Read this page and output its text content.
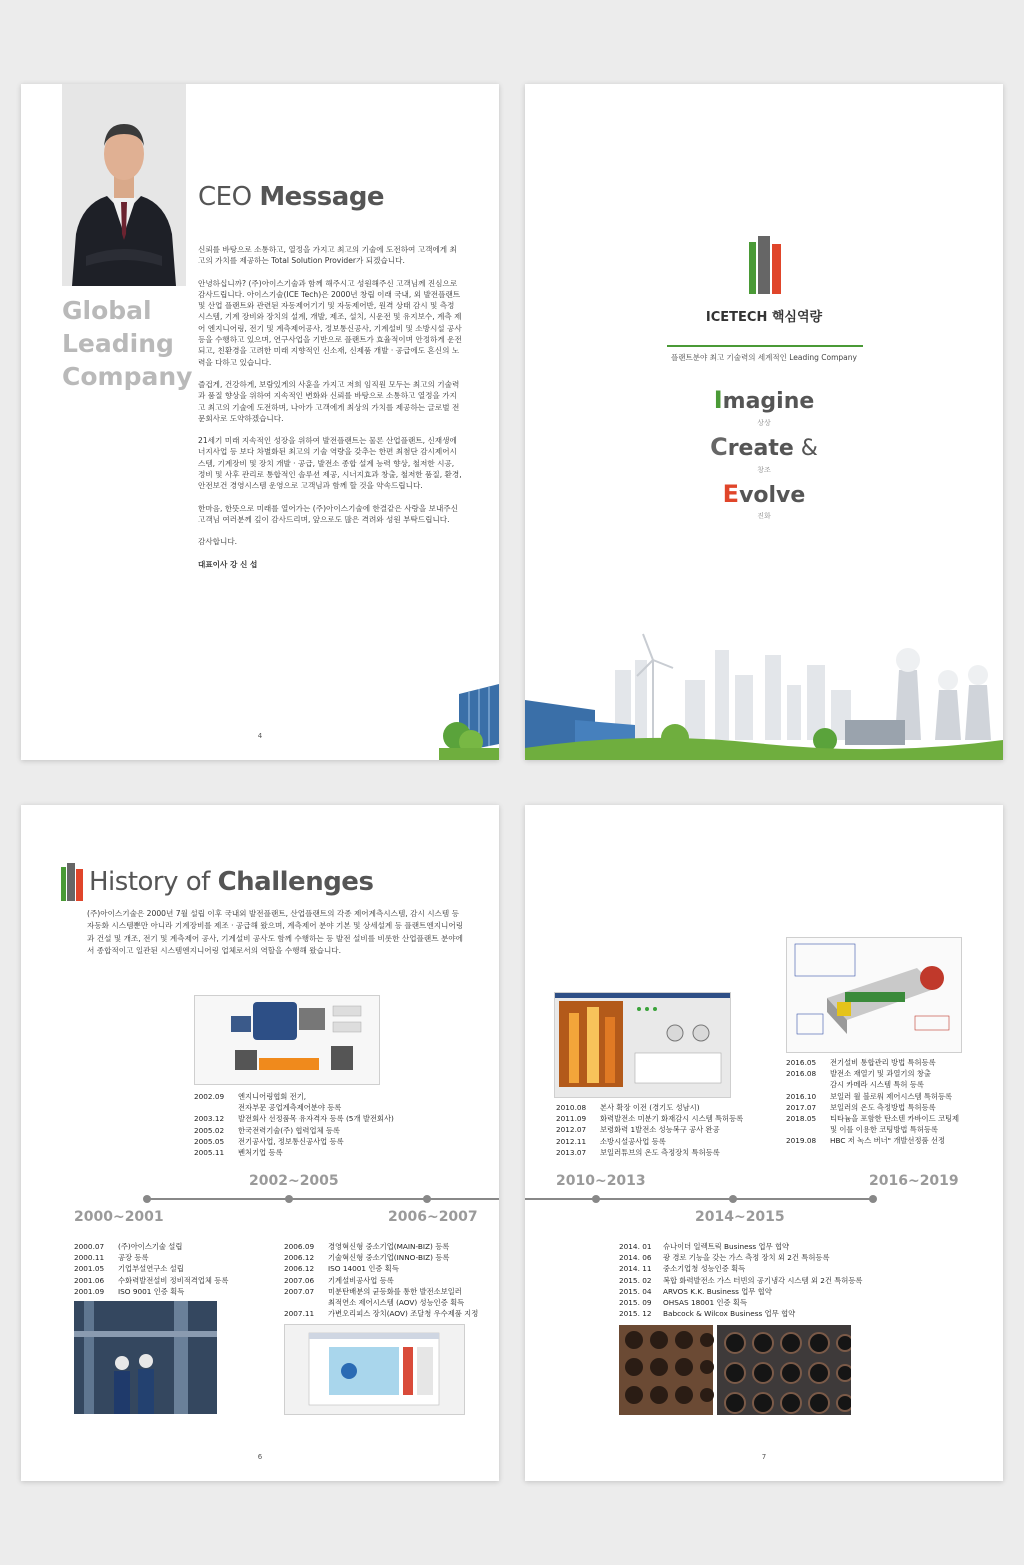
CEO Message
Global
Leading
Company

신뢰를 바탕으로 소통하고, 열정을 가지고 최고의 기술에 도전하여 고객에게 최고의 가치를 제공하는 Total Solution Provider가 되겠습니다.

안녕하십니까? (주)아이스기술과 함께 해주시고 성원해주신 고객님께 진심으로 감사드립니다. 아이스기술(ICE Tech)은 2000년 창립 이래 국내, 외 발전플랜트 및 산업 플랜트와 관련된 자동제어기기 및 자동제어반, 원격 상태 감시 및 측정 시스템, 기계 장비와 장치의 설계, 개발, 제조, 설치, 시운전 및 유지보수, 계측 제어 엔지니어링, 전기 및 계측제어공사, 정보통신공사, 기계설비 및 소방시설 공사 등을 수행하고 있으며, 연구사업을 기반으로 플랜트가 효율적이며 안정하게 운전되고, 친환경을 고려한 미래 지향적인 신소재, 신제품 개발 · 공급에도 혼신의 노력을 다하고 있습니다.

즐겁게, 건강하게, 보람있게의 사훈을 가지고 저희 임직원 모두는 최고의 기술력과 품질 향상을 위하여 지속적인 변화와 신뢰를 바탕으로 소통하고 열정을 가지고 최고의 기술에 도전하며, 나아가 고객에게 최상의 가치를 제공하는 글로벌 전문회사로 도약하겠습니다.

21세기 미래 지속적인 성장을 위하여 발전플랜트는 물론 산업플랜트, 신재생에너지사업 등 보다 차별화된 최고의 기술 역량을 갖추는 한편 최첨단 감시제어시스템, 기계장비 및 장치 개발 · 공급, 발전소 종합 설계 능력 향상, 철저한 시공, 정비 및 사후 관리로 통합적인 솔루션 제공, 시너지효과 창출, 철저한 품질, 환경, 안전보건 경영시스템 운영으로 고객님과 함께 할 것을 약속드립니다.

한마음, 한뜻으로 미래를 열어가는 (주)아이스기술에 한결같은 사랑을 보내주신 고객님 여러분께 깊이 감사드리며, 앞으로도 많은 격려와 성원 부탁드립니다.

감사합니다.

대표이사 강 신 섭

4
ICETECH 핵심역량
플랜트분야 최고 기술력의 세계적인 Leading Company
Imagine
상상
Create &
창조
Evolve
진화
History of Challenges
(주)아이스기술은 2000년 7월 설립 이후 국내외 발전플랜트, 산업플랜트의 각종 제어계측시스템, 감시 시스템 등 자동화 시스템뿐만 아니라 기계장비를 제조 · 공급해 왔으며, 계측제어 분야 기본 및 상세설계 등 플랜트엔지니어링과 건설 및 개조, 전기 및 계측제어 공사, 기계설비 공사도 함께 수행하는 등 발전 설비를 비롯한 산업플랜트 분야에서 종합적이고 일관된 시스템엔지니어링 업체로서의 역할을 수행해 왔습니다.
2002.09	엔지니어링협회 전기,
전자부문 공업계측제어분야 등록
2003.12	발전회사 선정품목 유자격자 등록 (5개 발전회사)
2005.02	한국전력기술(주) 협력업체 등록
2005.05	전기공사업, 정보통신공사업 등록
2005.11	벤처기업 등록
2002~2005
2000~2001	2006~2007
2000.07	(주)아이스기술 설립
2000.11	공장 등록
2001.05	기업부설연구소 설립
2001.06	수화력발전설비 정비적격업체 등록
2001.09	ISO 9001 인증 획득
2006.09	경영혁신형 중소기업(MAIN-BIZ) 등록
2006.12	기술혁신형 중소기업(INNO-BIZ) 등록
2006.12	ISO 14001 인증 획득
2007.06	기계설비공사업 등록
2007.07	미분탄배분의 균등화를 통한 발전소보일러
최적연소 제어시스템 (AOV) 성능인증 획득
2007.11	가변오리피스 장치(AOV) 조달청 우수제품 지정
6
2016.05	전기설비 통합관리 방법 특허등록
2016.08	발전소 재열기 및 과열기의 창출
감시 카메라 시스템 특허 등록
2016.10	보일러 월 블로워 제어시스템 특허등록
2017.07	보일러의 온도 측정방법 특허등록
2018.05	티타늄을 포함한 탄소텐 카바이드 코팅제
및 이를 이용한 코팅방법 특허등록
2019.08	HBC 저 녹스 버너" 개발선정품 선정
2010.08	본사 확장 이전 (경기도 성남시)
2011.09	화력발전소 미분기 화재감시 시스템 특허등록
2012.07	보령화력 1발전소 성능복구 공사 완공
2012.11	소방시설공사업 등록
2013.07	보일러튜브의 온도 측정장치 특허등록
2010~2013	2016~2019
2014~2015
2014. 01	슈나이더 일렉트릭 Business 업무 협약
2014. 06	광 경로 기능을 갖는 가스 측정 장치 외 2건 특허등록
2014. 11	중소기업청 성능인증 획득
2015. 02	복합 화력발전소 가스 터빈의 공기냉각 시스템 외 2건 특허등록
2015. 04	ARVOS K.K. Business 업무 협약
2015. 09	OHSAS 18001 인증 획득
2015. 12	Babcock & Wilcox Business 업무 협약
7
